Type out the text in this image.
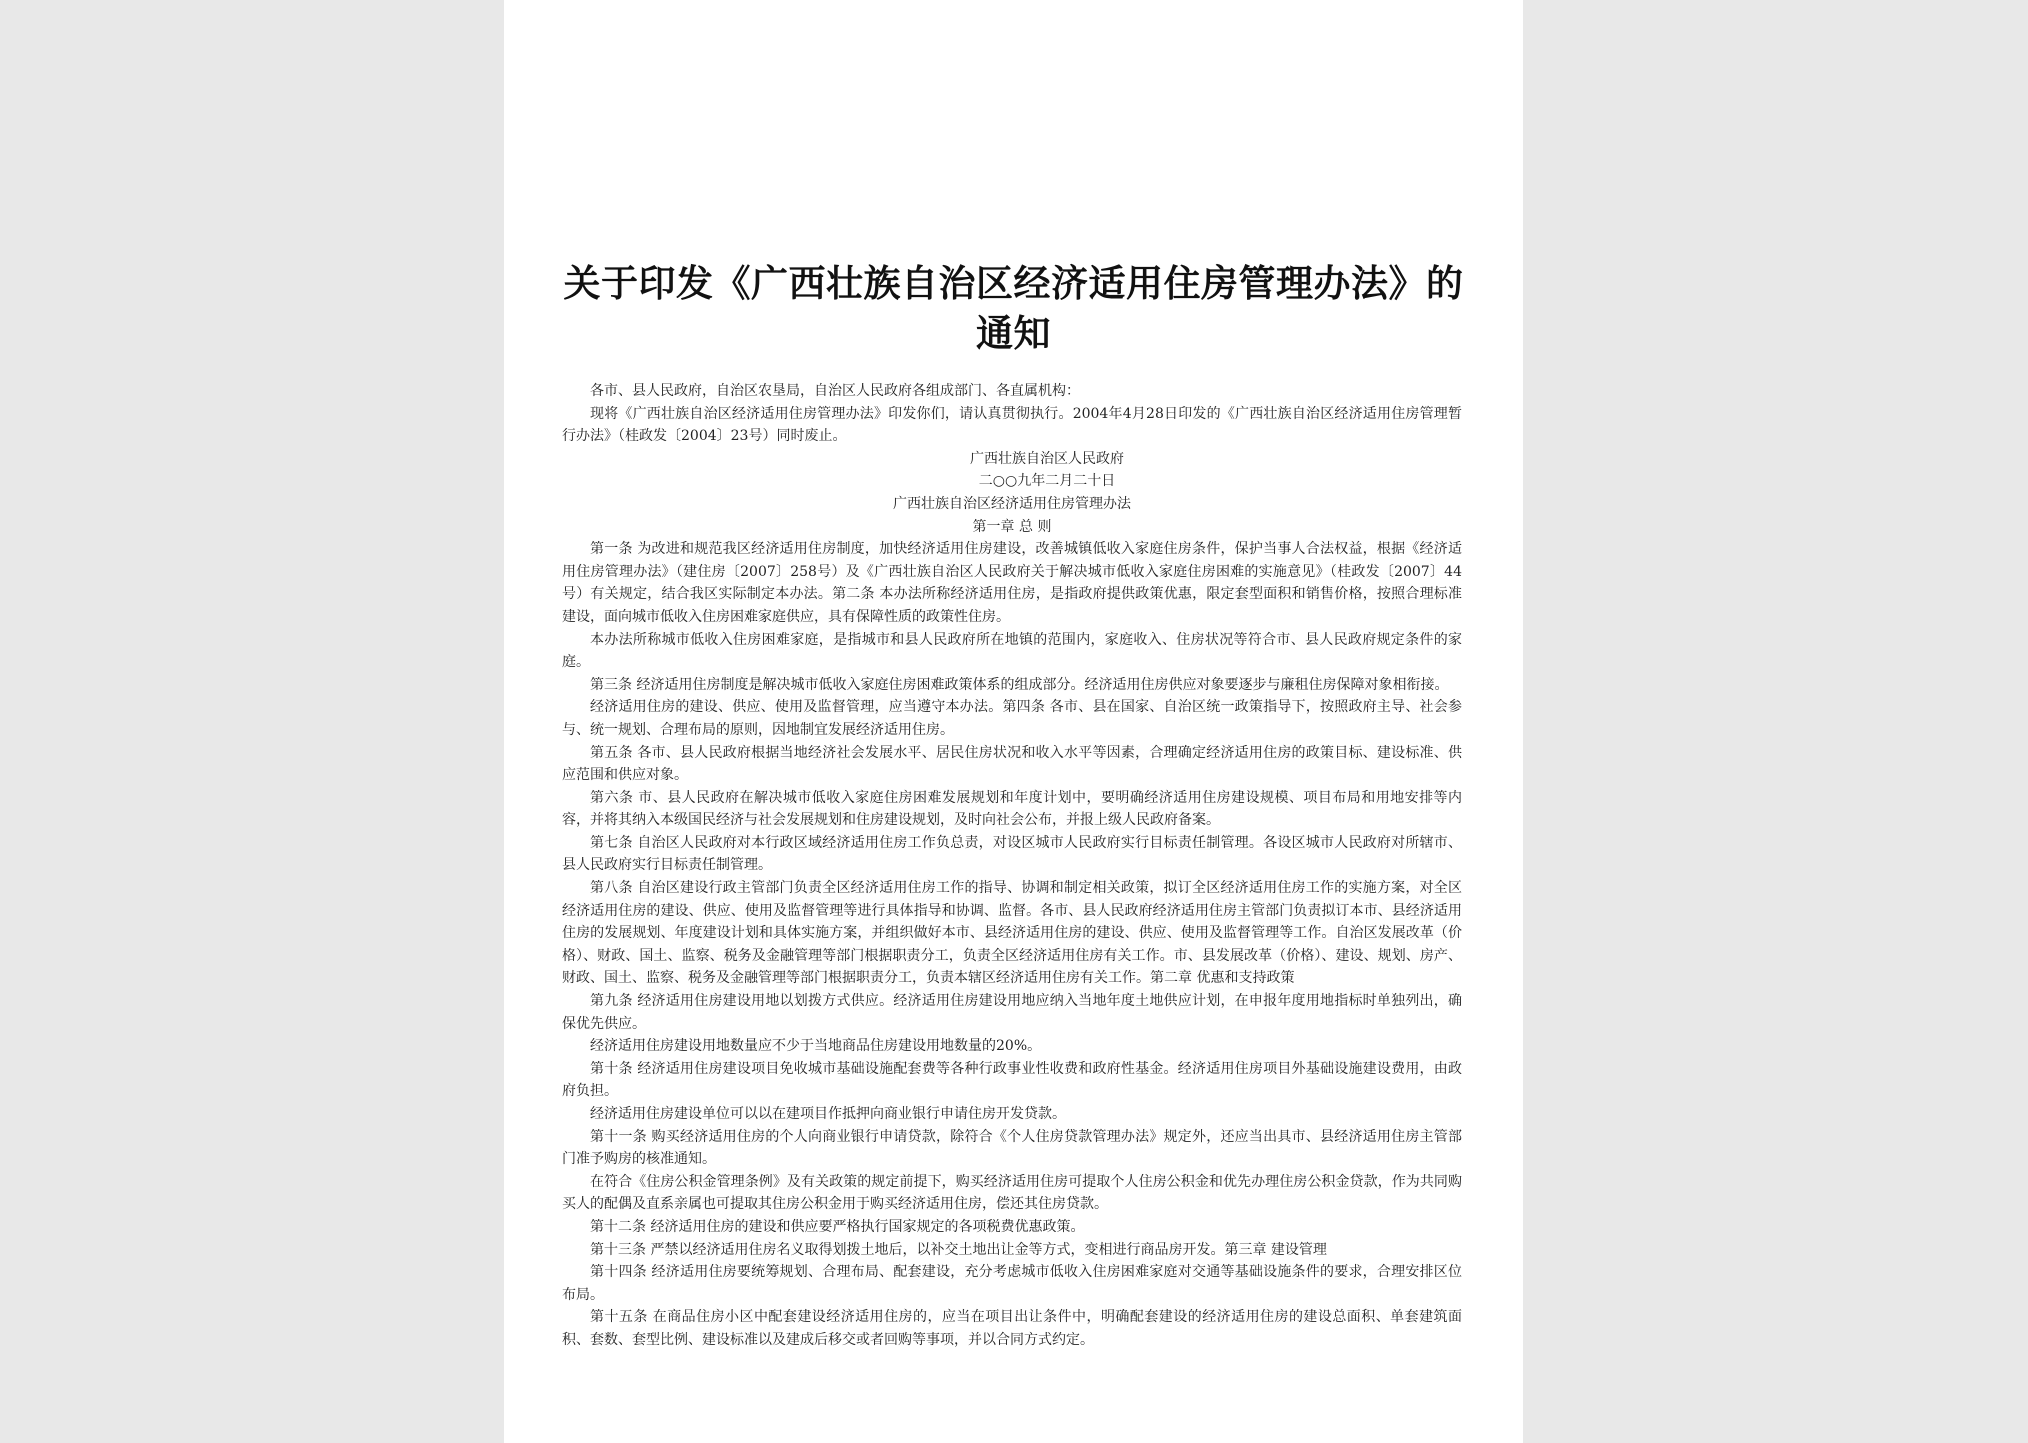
关于印发《广西壮族自治区经济适用住房管理办法》的
通知

各市、县人民政府，自治区农垦局，自治区人民政府各组成部门、各直属机构：

现将《广西壮族自治区经济适用住房管理办法》印发你们，请认真贯彻执行。2004年4月28日印发的《广西壮族自治区经济适用住房管理暂行办法》（桂政发〔2004〕23号）同时废止。

广西壮族自治区人民政府

二○○九年二月二十日

广西壮族自治区经济适用住房管理办法

第一章 总 则

第一条 为改进和规范我区经济适用住房制度，加快经济适用住房建设，改善城镇低收入家庭住房条件，保护当事人合法权益，根据《经济适用住房管理办法》（建住房〔2007〕258号）及《广西壮族自治区人民政府关于解决城市低收入家庭住房困难的实施意见》（桂政发〔2007〕44号）有关规定，结合我区实际制定本办法。第二条 本办法所称经济适用住房，是指政府提供政策优惠，限定套型面积和销售价格，按照合理标准建设，面向城市低收入住房困难家庭供应，具有保障性质的政策性住房。

本办法所称城市低收入住房困难家庭，是指城市和县人民政府所在地镇的范围内，家庭收入、住房状况等符合市、县人民政府规定条件的家庭。

第三条 经济适用住房制度是解决城市低收入家庭住房困难政策体系的组成部分。经济适用住房供应对象要逐步与廉租住房保障对象相衔接。

经济适用住房的建设、供应、使用及监督管理，应当遵守本办法。第四条 各市、县在国家、自治区统一政策指导下，按照政府主导、社会参与、统一规划、合理布局的原则，因地制宜发展经济适用住房。

第五条 各市、县人民政府根据当地经济社会发展水平、居民住房状况和收入水平等因素，合理确定经济适用住房的政策目标、建设标准、供应范围和供应对象。

第六条 市、县人民政府在解决城市低收入家庭住房困难发展规划和年度计划中，要明确经济适用住房建设规模、项目布局和用地安排等内容，并将其纳入本级国民经济与社会发展规划和住房建设规划，及时向社会公布，并报上级人民政府备案。

第七条 自治区人民政府对本行政区域经济适用住房工作负总责，对设区城市人民政府实行目标责任制管理。各设区城市人民政府对所辖市、县人民政府实行目标责任制管理。

第八条 自治区建设行政主管部门负责全区经济适用住房工作的指导、协调和制定相关政策，拟订全区经济适用住房工作的实施方案，对全区经济适用住房的建设、供应、使用及监督管理等进行具体指导和协调、监督。各市、县人民政府经济适用住房主管部门负责拟订本市、县经济适用住房的发展规划、年度建设计划和具体实施方案，并组织做好本市、县经济适用住房的建设、供应、使用及监督管理等工作。自治区发展改革（价格）、财政、国土、监察、税务及金融管理等部门根据职责分工，负责全区经济适用住房有关工作。市、县发展改革（价格）、建设、规划、房产、财政、国土、监察、税务及金融管理等部门根据职责分工，负责本辖区经济适用住房有关工作。第二章 优惠和支持政策

第九条 经济适用住房建设用地以划拨方式供应。经济适用住房建设用地应纳入当地年度土地供应计划，在申报年度用地指标时单独列出，确保优先供应。

经济适用住房建设用地数量应不少于当地商品住房建设用地数量的20%。

第十条 经济适用住房建设项目免收城市基础设施配套费等各种行政事业性收费和政府性基金。经济适用住房项目外基础设施建设费用，由政府负担。

经济适用住房建设单位可以以在建项目作抵押向商业银行申请住房开发贷款。

第十一条 购买经济适用住房的个人向商业银行申请贷款，除符合《个人住房贷款管理办法》规定外，还应当出具市、县经济适用住房主管部门准予购房的核准通知。

在符合《住房公积金管理条例》及有关政策的规定前提下，购买经济适用住房可提取个人住房公积金和优先办理住房公积金贷款，作为共同购买人的配偶及直系亲属也可提取其住房公积金用于购买经济适用住房，偿还其住房贷款。

第十二条 经济适用住房的建设和供应要严格执行国家规定的各项税费优惠政策。

第十三条 严禁以经济适用住房名义取得划拨土地后，以补交土地出让金等方式，变相进行商品房开发。第三章 建设管理

第十四条 经济适用住房要统筹规划、合理布局、配套建设，充分考虑城市低收入住房困难家庭对交通等基础设施条件的要求，合理安排区位布局。

第十五条 在商品住房小区中配套建设经济适用住房的，应当在项目出让条件中，明确配套建设的经济适用住房的建设总面积、单套建筑面积、套数、套型比例、建设标准以及建成后移交或者回购等事项，并以合同方式约定。
